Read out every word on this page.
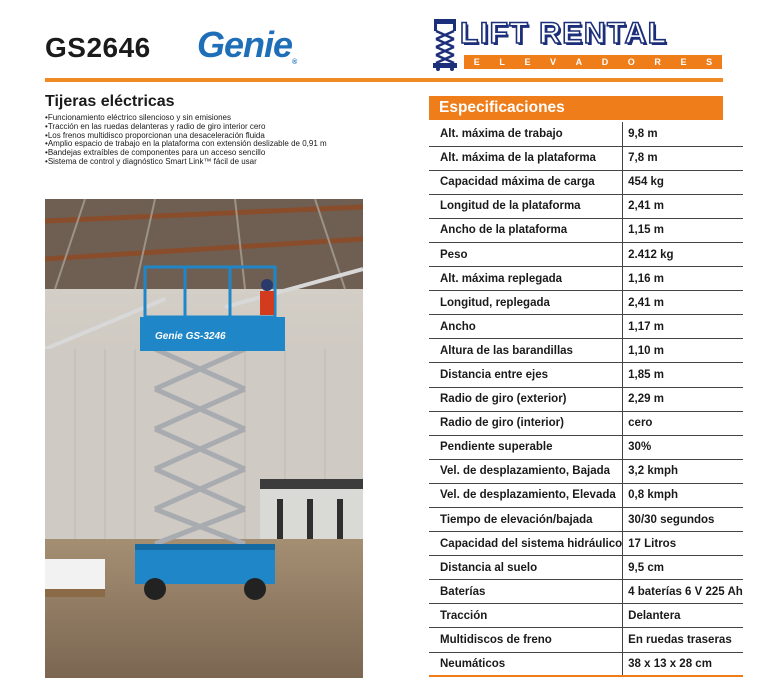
GS2646 Genie®
LIFT RENTAL
E L E V A D O R E S
Tijeras eléctricas
• Funcionamiento eléctrico silencioso y sin emisiones
• Tracción en las ruedas delanteras y radio de giro interior cero
• Los frenos multidisco proporcionan una desaceleración fluida
• Amplio espacio de trabajo en la plataforma con extensión deslizable de 0,91 m
• Bandejas extraíbles de componentes para un acceso sencillo
• Sistema de control y diagnóstico Smart Link™ fácil de usar
Genie GS-3246
Especificaciones
Alt. máxima de trabajo	9,8 m
Alt. máxima de la plataforma	7,8 m
Capacidad máxima de carga	454 kg
Longitud de la plataforma	2,41 m
Ancho de la plataforma	1,15 m
Peso	2.412 kg
Alt. máxima replegada	1,16 m
Longitud, replegada	2,41 m
Ancho	1,17 m
Altura de las barandillas	1,10 m
Distancia entre ejes	1,85 m
Radio de giro (exterior)	2,29 m
Radio de giro (interior)	cero
Pendiente superable	30%
Vel. de desplazamiento, Bajada	3,2 kmph
Vel. de desplazamiento, Elevada	0,8 kmph
Tiempo de elevación/bajada	30/30 segundos
Capacidad del sistema hidráulico	17 Litros
Distancia al suelo	9,5 cm
Baterías	4 baterías 6 V 225 Ah
Tracción	Delantera
Multidiscos de freno	En ruedas traseras
Neumáticos	38 x 13 x 28 cm
